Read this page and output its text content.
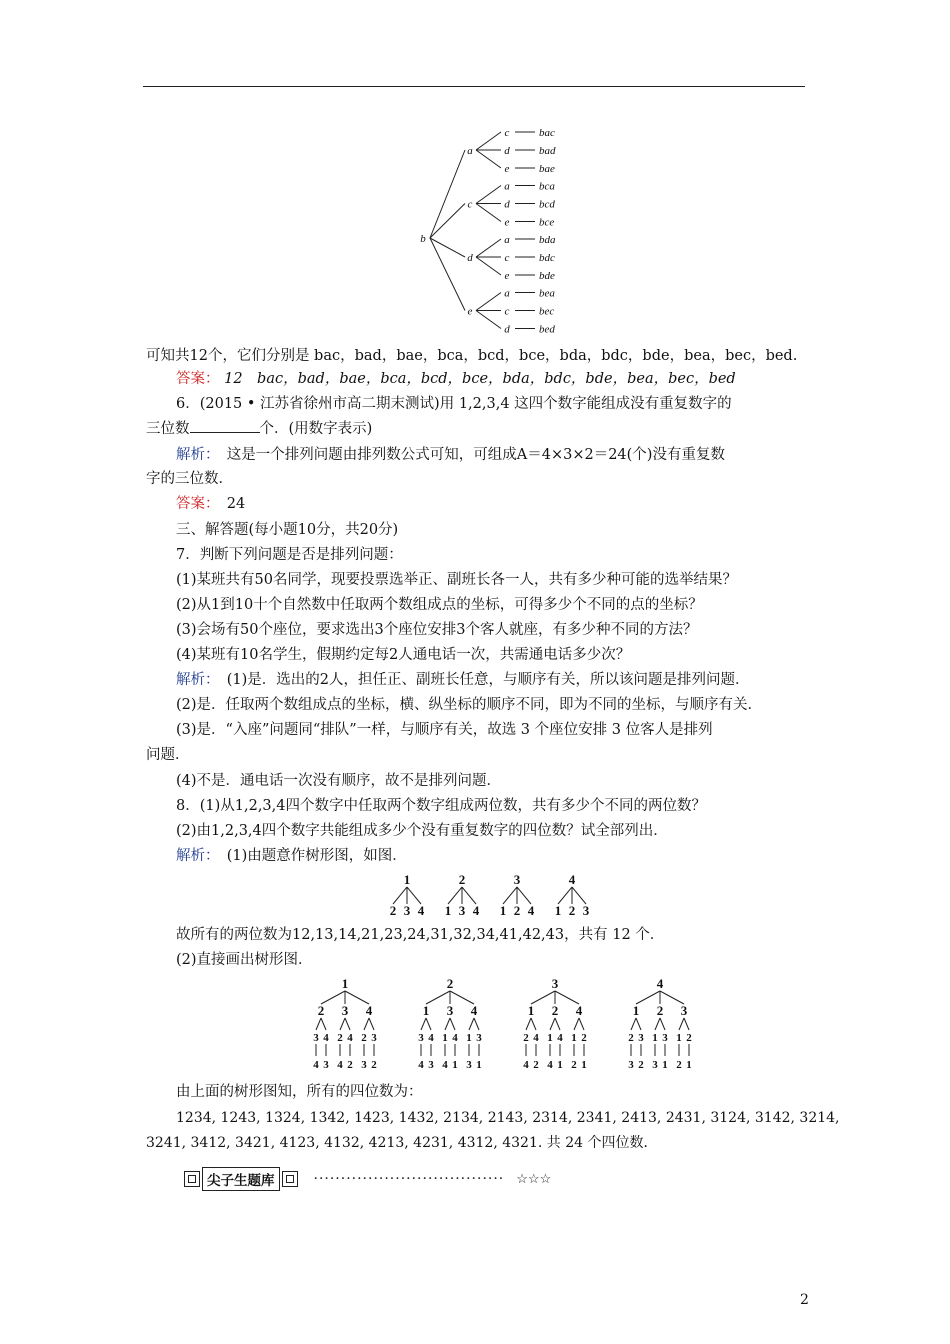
b
a
c	bac
d	bad
e	bae
c
a	bca
d	bcd
e	bce
d
a	bda
c	bdc
e	bde
e
a	bea
c	bec
d	bed
可知共12个，它们分别是 bac，bad，bae，bca，bcd，bce，bda，bdc，bde，bea，bec，bed.
答案： 12　bac，bad，bae，bca，bcd，bce，bda，bdc，bde，bea，bec，bed
6．(2015 • 江苏省徐州市高二期末测试)用 1,2,3,4 这四个数字能组成没有重复数字的
三位数	个．(用数字表示)
解析：　 这是一个排列问题由排列数公式可知，可组成A＝4×3×2＝24(个)没有重复数
字的三位数．
答案：　 24
三、解答题(每小题10分，共20分)
7．判断下列问题是否是排列问题：
(1)某班共有50名同学，现要投票选举正、副班长各一人，共有多少种可能的选举结果？
(2)从1到10十个自然数中任取两个数组成点的坐标，可得多少个不同的点的坐标？
(3)会场有50个座位，要求选出3个座位安排3个客人就座，有多少种不同的方法？
(4)某班有10名学生，假期约定每2人通电话一次，共需通电话多少次？
解析：　 (1)是．选出的2人，担任正、副班长任意，与顺序有关，所以该问题是排列问题．
(2)是．任取两个数组成点的坐标，横、纵坐标的顺序不同，即为不同的坐标，与顺序有关．
(3)是．“入座”问题同“排队”一样，与顺序有关，故选 3 个座位安排 3 位客人是排列
问题．
(4)不是．通电话一次没有顺序，故不是排列问题．
8．(1)从1,2,3,4四个数字中任取两个数字组成两位数，共有多少个不同的两位数？
(2)由1,2,3,4四个数字共能组成多少个没有重复数字的四位数？试全部列出．
解析：　 (1)由题意作树形图，如图．
1
2 3 4
2
1 3 4
3
1 2 4
4
1 2 3
故所有的两位数为12,13,14,21,23,24,31,32,34,41,42,43，共有 12 个．
(2)直接画出树形图．
1
2
3
4
4
3
3
2
4
4
2
4
2
3
3
2
2
1
3
4
4
3
3
1
4
4
1
4
1
3
3
1
3
1
2
4
4
2
2
1
4
4
1
4
1
2
2
1
4
1
2
3
3
2
2
1
3
3
1
3
1
2
2
1
由上面的树形图知，所有的四位数为：
1234, 1243, 1324, 1342, 1423, 1432, 2134, 2143, 2314, 2341, 2413, 2431, 3124, 3142, 3214,
3241, 3412, 3421, 4123, 4132, 4213, 4231, 4312, 4321. 共 24 个四位数．
尖子生题库	··································· ☆☆☆
2
